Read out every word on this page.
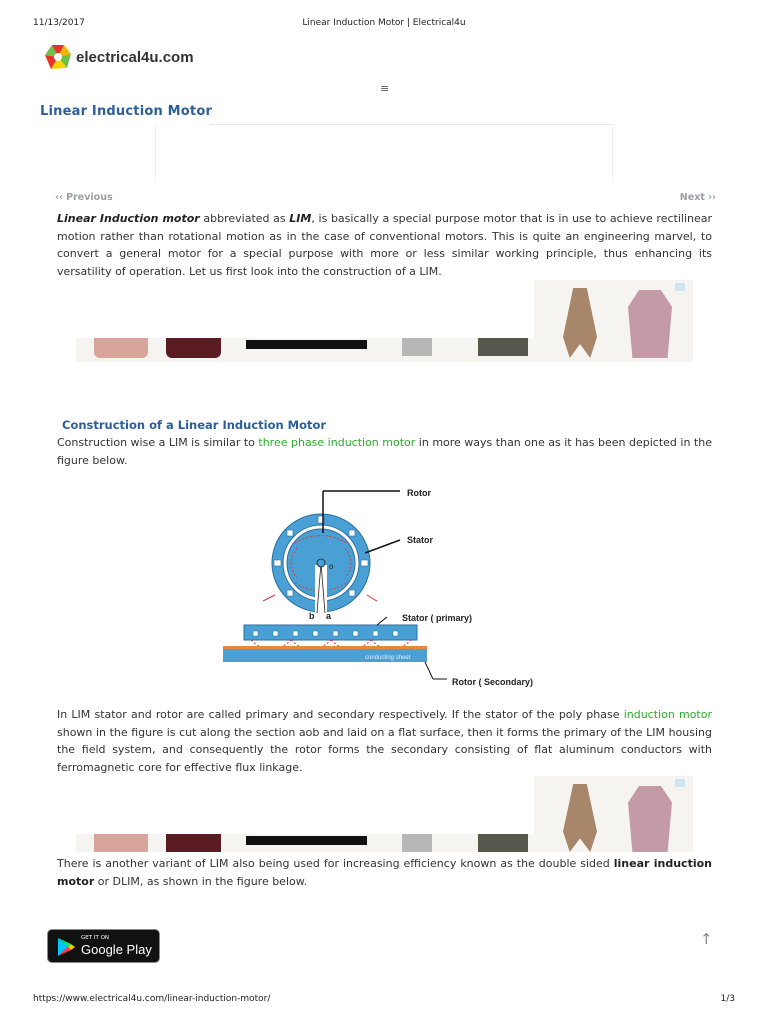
11/13/2017	Linear Induction Motor | Electrical4u
electrical4u.com
≡
Linear Induction Motor
‹‹ Previous	Next ››

Linear Induction motor abbreviated as LIM, is basically a special purpose motor that is in use to achieve rectilinear motion rather than rotational motion as in the case of conventional motors. This is quite an engineering marvel, to convert a general motor for a special purpose with more or less similar working principle, thus enhancing its versatility of operation. Let us first look into the construction of a LIM.

Construction of a Linear Induction Motor

Construction wise a LIM is similar to three phase induction motor in more ways than one as it has been depicted in the figure below.

o
Rotor
Stator
b a
conducting sheet
Stator ( primary)
Rotor ( Secondary)

In LIM stator and rotor are called primary and secondary respectively. If the stator of the poly phase induction motor shown in the figure is cut along the section aob and laid on a flat surface, then it forms the primary of the LIM housing the field system, and consequently the rotor forms the secondary consisting of flat aluminum conductors with ferromagnetic core for effective flux linkage.

There is another variant of LIM also being used for increasing efficiency known as the double sided linear induction motor or DLIM, as shown in the figure below.

GET IT ON
Google Play
↑
https://www.electrical4u.com/linear-induction-motor/	1/3
